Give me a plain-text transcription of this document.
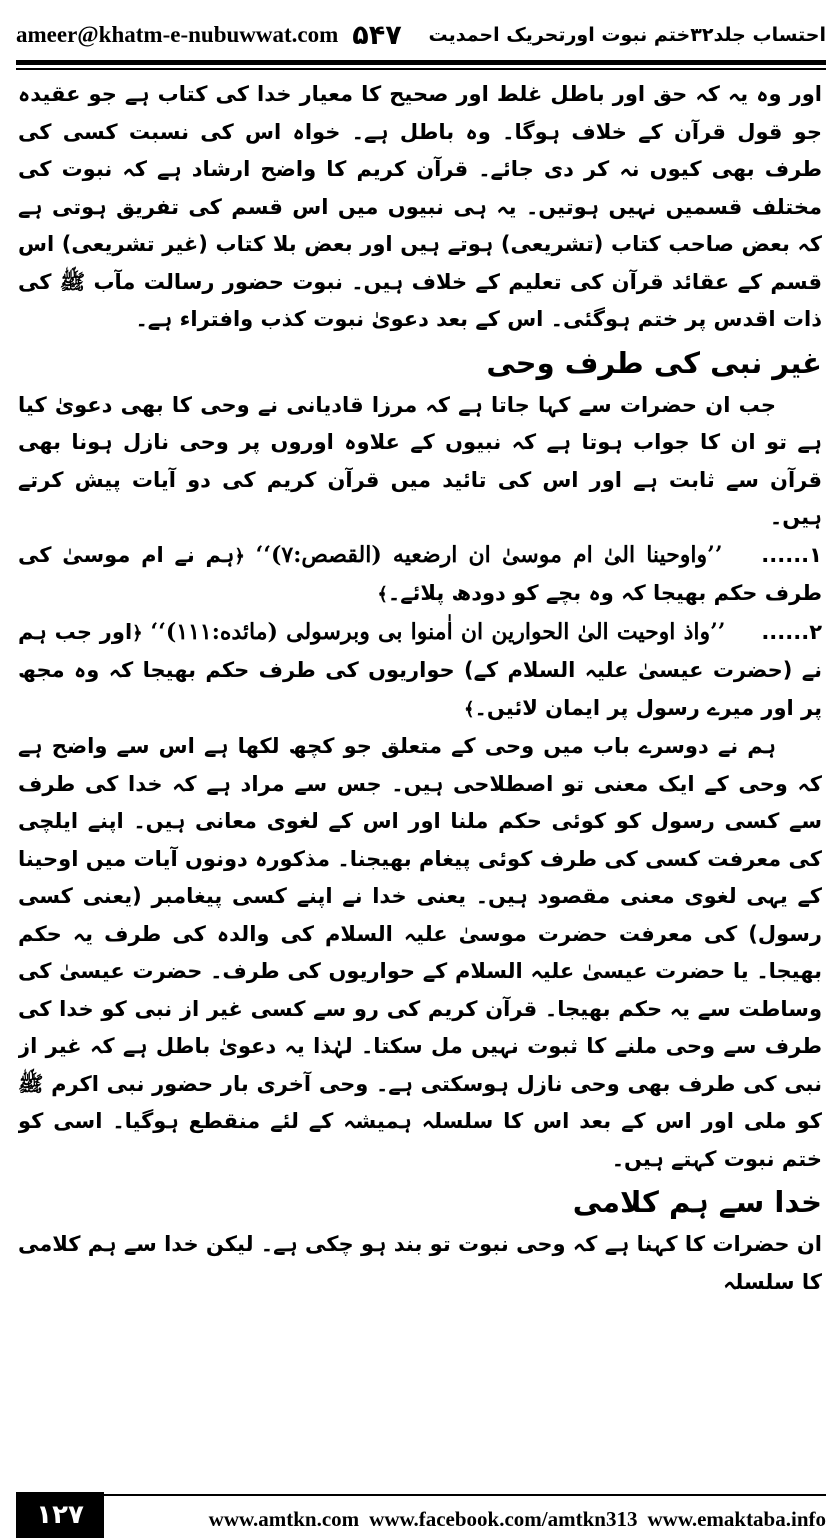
ameer@khatm-e-nubuwwat.com ۵۴۷ احتساب جلد۳۲ختم نبوت اورتحریک احمدیت

اور وہ یہ کہ حق اور باطل غلط اور صحیح کا معیار خدا کی کتاب ہے جو عقیدہ جو قول قرآن کے خلاف ہوگا۔ وہ باطل ہے۔ خواہ اس کی نسبت کسی کی طرف بھی کیوں نہ کر دی جائے۔ قرآن کریم کا واضح ارشاد ہے کہ نبوت کی مختلف قسمیں نہیں ہوتیں۔ یہ ہی نبیوں میں اس قسم کی تفریق ہوتی ہے کہ بعض صاحب کتاب (تشریعی) ہوتے ہیں اور بعض بلا کتاب (غیر تشریعی) اس قسم کے عقائد قرآن کی تعلیم کے خلاف ہیں۔ نبوت حضور رسالت مآب ﷺ کی ذات اقدس پر ختم ہوگئی۔ اس کے بعد دعویٰ نبوت کذب وافتراء ہے۔

غیر نبی کی طرف وحی

جب ان حضرات سے کہا جاتا ہے کہ مرزا قادیانی نے وحی کا بھی دعویٰ کیا ہے تو ان کا جواب ہوتا ہے کہ نبیوں کے علاوہ اوروں پر وحی نازل ہونا بھی قرآن سے ثابت ہے اور اس کی تائید میں قرآن کریم کی دو آیات پیش کرتے ہیں۔

۱...... ’’واوحینا الیٰ ام موسیٰ ان ارضعیه (القصص:۷)‘‘ ﴿ہم نے ام موسیٰ کی طرف حکم بھیجا کہ وہ بچے کو دودھ پلائے۔﴾

۲...... ’’واذ اوحیت الیٰ الحوارین ان اٰمنوا بی وبرسولی (مائده:۱۱۱)‘‘ ﴿اور جب ہم نے (حضرت عیسیٰ علیہ السلام کے) حواریوں کی طرف حکم بھیجا کہ وہ مجھ پر اور میرے رسول پر ایمان لائیں۔﴾

ہم نے دوسرے باب میں وحی کے متعلق جو کچھ لکھا ہے اس سے واضح ہے کہ وحی کے ایک معنی تو اصطلاحی ہیں۔ جس سے مراد ہے کہ خدا کی طرف سے کسی رسول کو کوئی حکم ملنا اور اس کے لغوی معانی ہیں۔ اپنے ایلچی کی معرفت کسی کی طرف کوئی پیغام بھیجنا۔ مذکورہ دونوں آیات میں اوحینا کے یہی لغوی معنی مقصود ہیں۔ یعنی خدا نے اپنے کسی پیغامبر (یعنی کسی رسول) کی معرفت حضرت موسیٰ علیہ السلام کی والدہ کی طرف یہ حکم بھیجا۔ یا حضرت عیسیٰ علیہ السلام کے حواریوں کی طرف۔ حضرت عیسیٰ کی وساطت سے یہ حکم بھیجا۔ قرآن کریم کی رو سے کسی غیر از نبی کو خدا کی طرف سے وحی ملنے کا ثبوت نہیں مل سکتا۔ لہٰذا یہ دعویٰ باطل ہے کہ غیر از نبی کی طرف بھی وحی نازل ہوسکتی ہے۔ وحی آخری بار حضور نبی اکرم ﷺ کو ملی اور اس کے بعد اس کا سلسلہ ہمیشہ کے لئے منقطع ہوگیا۔ اسی کو ختم نبوت کہتے ہیں۔

خدا سے ہم کلامی

ان حضرات کا کہنا ہے کہ وحی نبوت تو بند ہو چکی ہے۔ لیکن خدا سے ہم کلامی کا سلسلہ

۱۲۷	www.amtkn.com www.facebook.com/amtkn313 www.emaktaba.info
